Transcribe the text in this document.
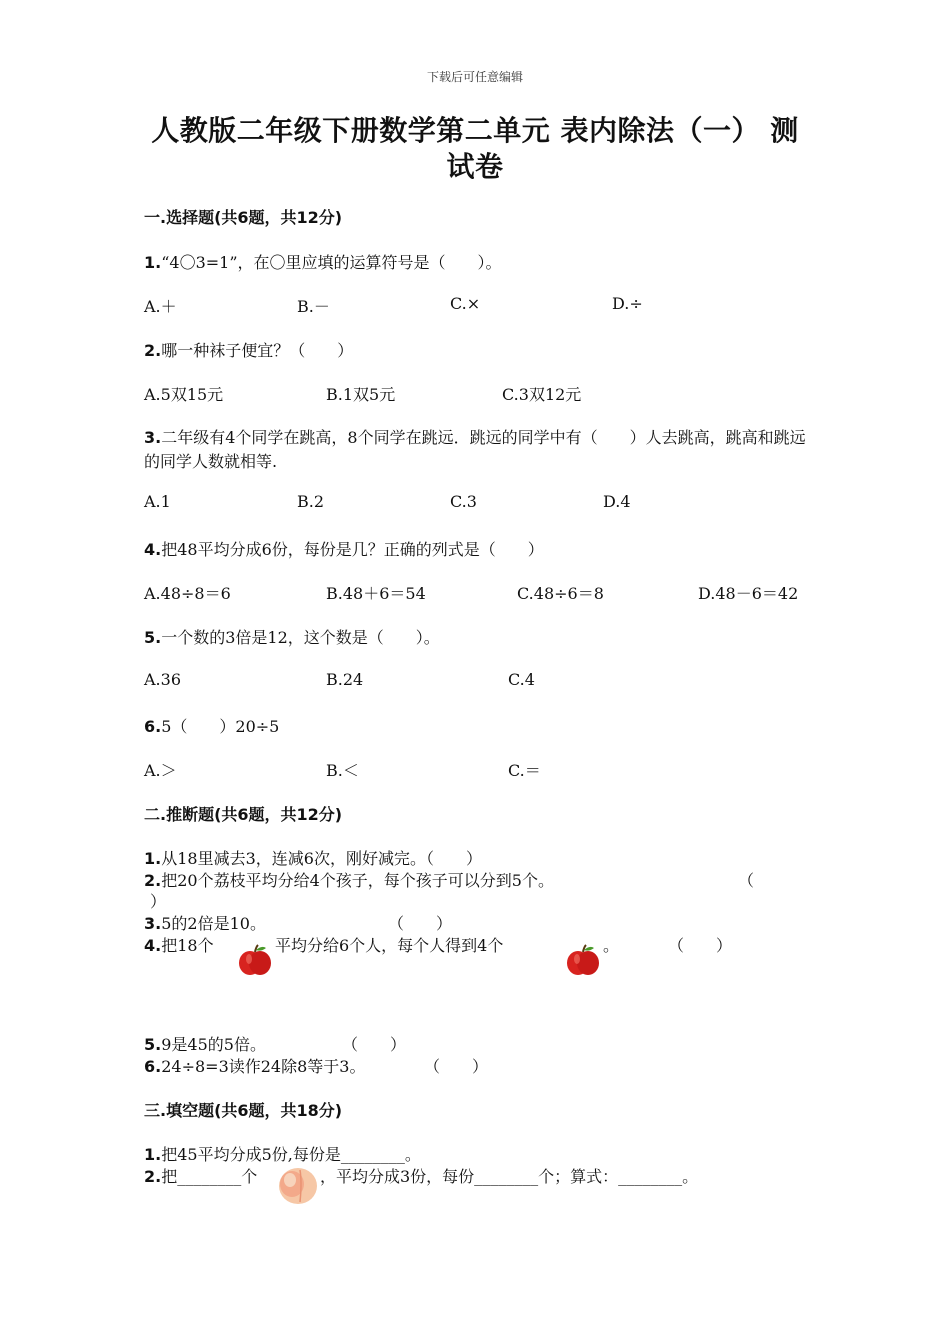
下载后可任意编辑
人教版二年级下册数学第二单元 表内除法（一） 测试卷
一.选择题(共6题，共12分)
1.“4〇3=1”，在〇里应填的运算符号是（　　）。
A.＋	B.－	C.×	D.÷
2.哪一种袜子便宜？（　　）
A.5双15元	B.1双5元	C.3双12元
3.二年级有4个同学在跳高，8个同学在跳远．跳远的同学中有（　　）人去跳高，跳高和跳远的同学人数就相等.
A.1	B.2	C.3	D.4
4.把48平均分成6份，每份是几？正确的列式是（　　）
A.48÷8＝6	B.48＋6＝54	C.48÷6＝8	D.48－6＝42
5.一个数的3倍是12，这个数是（　　）。
A.36	B.24	C.4
6.5（　　）20÷5
A.＞	B.＜	C.＝
二.推断题(共6题，共12分)
1.从18里减去3，连减6次，刚好减完。（　　）
2.把20个荔枝平均分给4个孩子，每个孩子可以分到5个。	（
）
3.5的2倍是10。	（　　）
4.把18个	平均分给6个人，每个人得到4个	。	（　　）
5.9是45的5倍。	（　　）
6.24÷8=3读作24除8等于3。	（　　）
三.填空题(共6题，共18分)
1.把45平均分成5份,每份是________。
2.把________个	，平均分成3份，每份________个；算式：________。
